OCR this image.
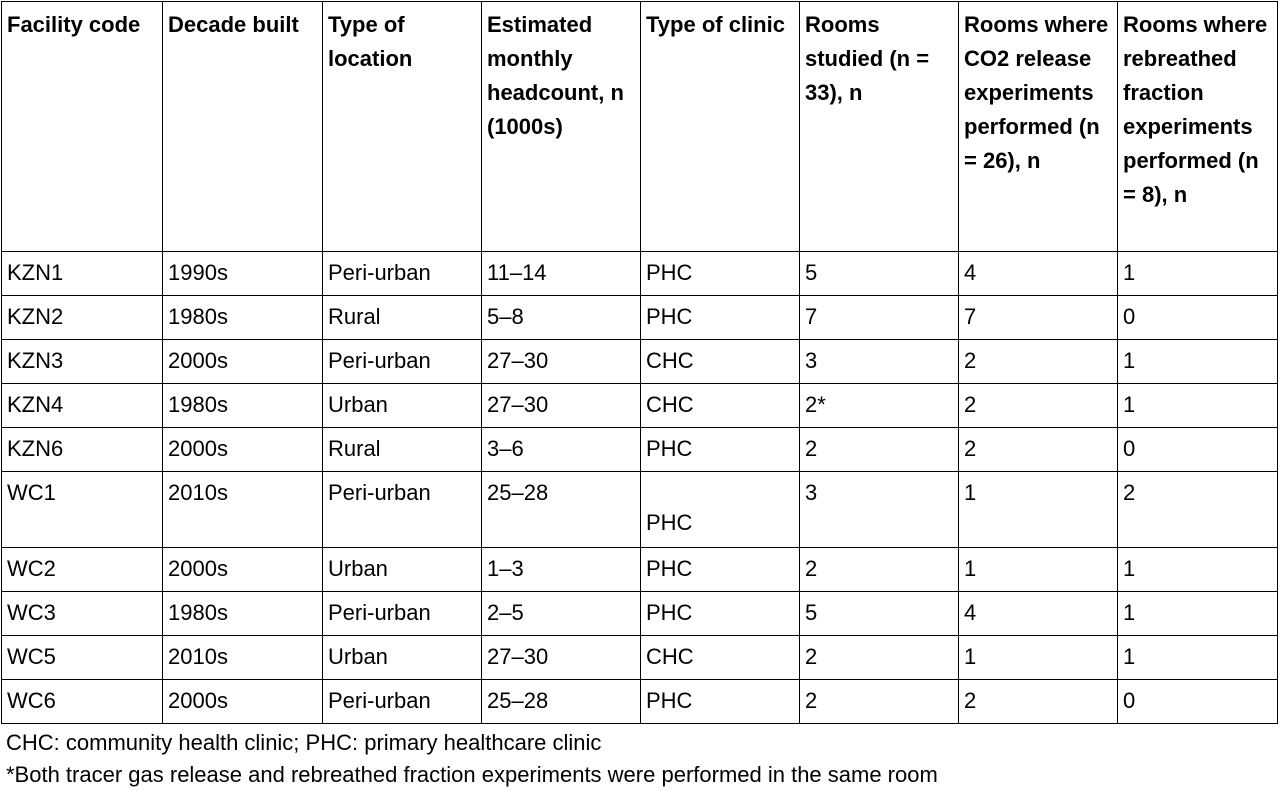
Facility code	Decade built	Type of location	Estimated monthly headcount, n (1000s)	Type of clinic	Rooms studied (n = 33), n	Rooms where CO2 release experiments performed (n = 26), n	Rooms where rebreathed fraction experiments performed (n = 8), n
KZN1	1990s	Peri-urban	11–14	PHC	5	4	1
KZN2	1980s	Rural	5–8	PHC	7	7	0
KZN3	2000s	Peri-urban	27–30	CHC	3	2	1
KZN4	1980s	Urban	27–30	CHC	2*	2	1
KZN6	2000s	Rural	3–6	PHC	2	2	0
WC1	2010s	Peri-urban	25–28	PHC	3	1	2
WC2	2000s	Urban	1–3	PHC	2	1	1
WC3	1980s	Peri-urban	2–5	PHC	5	4	1
WC5	2010s	Urban	27–30	CHC	2	1	1
WC6	2000s	Peri-urban	25–28	PHC	2	2	0
CHC: community health clinic; PHC: primary healthcare clinic
*Both tracer gas release and rebreathed fraction experiments were performed in the same room
